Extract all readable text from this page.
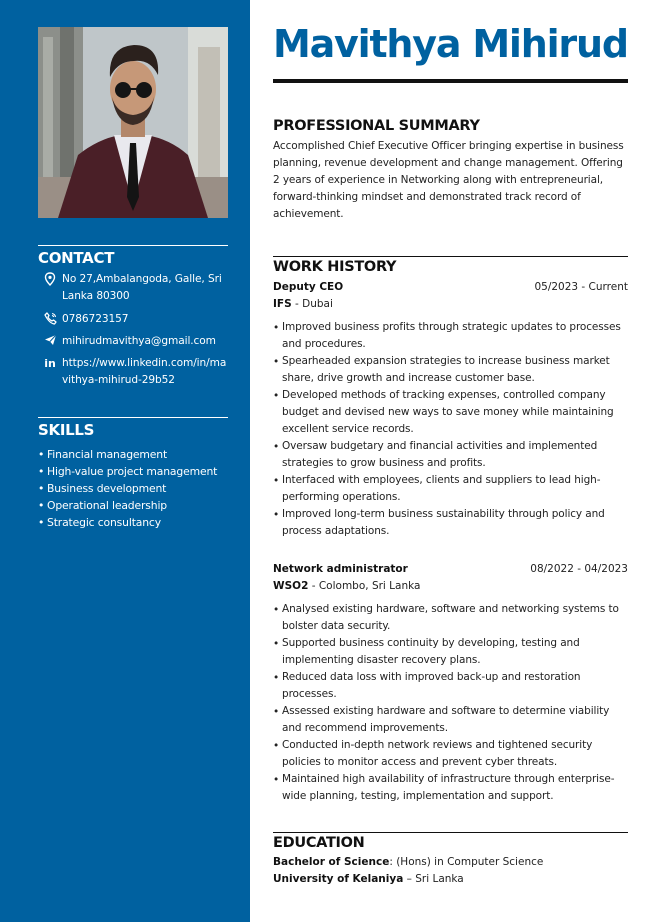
CONTACT
No 27,Ambalangoda, Galle, Sri Lanka 80300
0786723157
mihirudmavithya@gmail.com
in https://www.linkedin.com/in/mavithya-mihirud-29b52
SKILLS
• Financial management
• High-value project management
• Business development
• Operational leadership
• Strategic consultancy
Mavithya Mihirud
PROFESSIONAL SUMMARY
Accomplished Chief Executive Officer bringing expertise in business planning, revenue development and change management. Offering 2 years of experience in Networking along with entrepreneurial, forward-thinking mindset and demonstrated track record of achievement.
WORK HISTORY
Deputy CEO	05/2023 - Current
IFS - Dubai
• Improved business profits through strategic updates to processes and procedures.
• Spearheaded expansion strategies to increase business market share, drive growth and increase customer base.
• Developed methods of tracking expenses, controlled company budget and devised new ways to save money while maintaining excellent service records.
• Oversaw budgetary and financial activities and implemented strategies to grow business and profits.
• Interfaced with employees, clients and suppliers to lead high-performing operations.
• Improved long-term business sustainability through policy and process adaptations.
Network administrator	08/2022 - 04/2023
WSO2 - Colombo, Sri Lanka
• Analysed existing hardware, software and networking systems to bolster data security.
• Supported business continuity by developing, testing and implementing disaster recovery plans.
• Reduced data loss with improved back-up and restoration processes.
• Assessed existing hardware and software to determine viability and recommend improvements.
• Conducted in-depth network reviews and tightened security policies to monitor access and prevent cyber threats.
• Maintained high availability of infrastructure through enterprise-wide planning, testing, implementation and support.
EDUCATION
Bachelor of Science: (Hons) in Computer Science
University of Kelaniya – Sri Lanka
